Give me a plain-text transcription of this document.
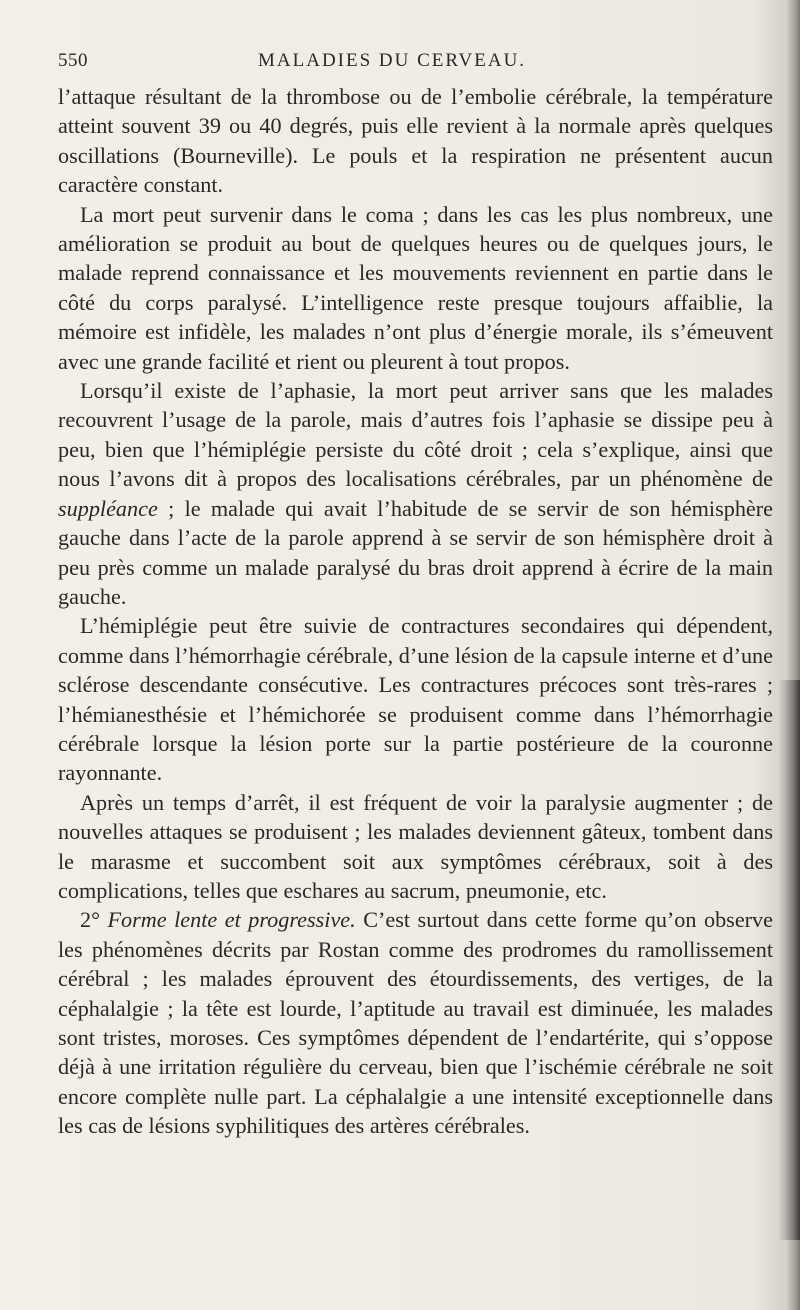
550	MALADIES DU CERVEAU.

l’attaque résultant de la thrombose ou de l’embolie cérébrale, la température atteint souvent 39 ou 40 degrés, puis elle revient à la normale après quelques oscillations (Bourneville). Le pouls et la respiration ne présentent aucun caractère constant.

La mort peut survenir dans le coma ; dans les cas les plus nombreux, une amélioration se produit au bout de quelques heures ou de quelques jours, le malade reprend connaissance et les mouvements reviennent en partie dans le côté du corps paralysé. L’intelligence reste presque toujours affaiblie, la mémoire est infidèle, les malades n’ont plus d’énergie morale, ils s’émeuvent avec une grande facilité et rient ou pleurent à tout propos.

Lorsqu’il existe de l’aphasie, la mort peut arriver sans que les malades recouvrent l’usage de la parole, mais d’autres fois l’aphasie se dissipe peu à peu, bien que l’hémiplégie persiste du côté droit ; cela s’explique, ainsi que nous l’avons dit à propos des localisations cérébrales, par un phénomène de suppléance ; le malade qui avait l’habitude de se servir de son hémisphère gauche dans l’acte de la parole apprend à se servir de son hémisphère droit à peu près comme un malade paralysé du bras droit apprend à écrire de la main gauche.

L’hémiplégie peut être suivie de contractures secondaires qui dépendent, comme dans l’hémorrhagie cérébrale, d’une lésion de la capsule interne et d’une sclérose descendante consécutive. Les contractures précoces sont très-rares ; l’hémianesthésie et l’hémichorée se produisent comme dans l’hémorrhagie cérébrale lorsque la lésion porte sur la partie postérieure de la couronne rayonnante.

Après un temps d’arrêt, il est fréquent de voir la paralysie augmenter ; de nouvelles attaques se produisent ; les malades deviennent gâteux, tombent dans le marasme et succombent soit aux symptômes cérébraux, soit à des complications, telles que eschares au sacrum, pneumonie, etc.

2° Forme lente et progressive. C’est surtout dans cette forme qu’on observe les phénomènes décrits par Rostan comme des prodromes du ramollissement cérébral ; les malades éprouvent des étourdissements, des vertiges, de la céphalalgie ; la tête est lourde, l’aptitude au travail est diminuée, les malades sont tristes, moroses. Ces symptômes dépendent de l’endartérite, qui s’oppose déjà à une irritation régulière du cerveau, bien que l’ischémie cérébrale ne soit encore complète nulle part. La céphalalgie a une intensité exceptionnelle dans les cas de lésions syphilitiques des artères cérébrales.
